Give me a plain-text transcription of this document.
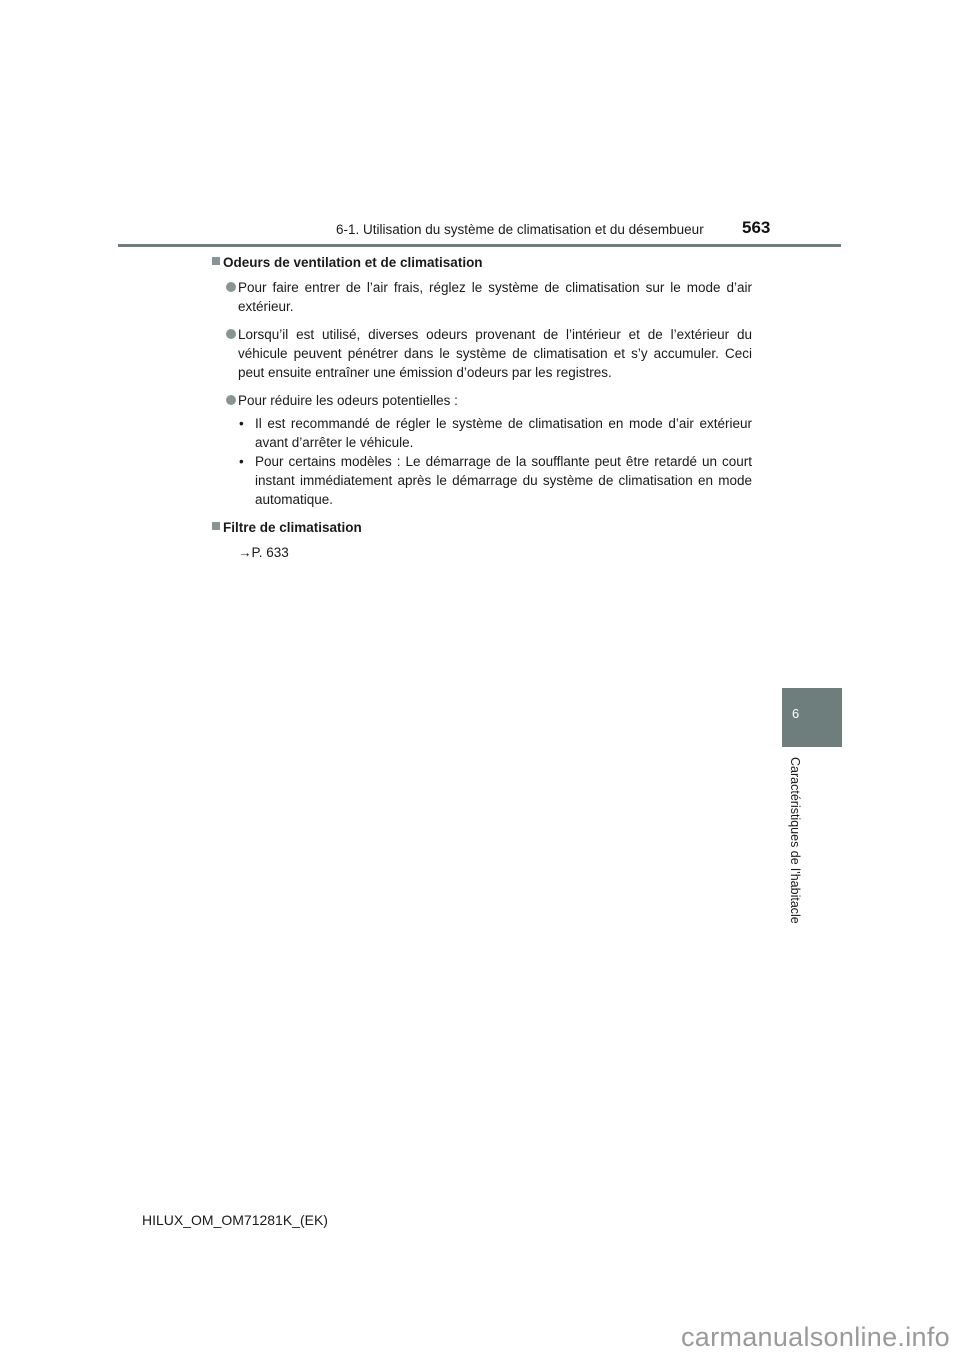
6-1. Utilisation du système de climatisation et du désembueur 563
Odeurs de ventilation et de climatisation
Pour faire entrer de l’air frais, réglez le système de climatisation sur le mode d’air extérieur.
Lorsqu’il est utilisé, diverses odeurs provenant de l’intérieur et de l’extérieur du véhicule peuvent pénétrer dans le système de climatisation et s’y accumuler. Ceci peut ensuite entraîner une émission d’odeurs par les registres.
Pour réduire les odeurs potentielles :
• Il est recommandé de régler le système de climatisation en mode d’air extérieur avant d’arrêter le véhicule.
• Pour certains modèles : Le démarrage de la soufflante peut être retardé un court instant immédiatement après le démarrage du système de climatisation en mode automatique.
Filtre de climatisation
→P. 633
6
Caractéristiques de l’habitacle
HILUX_OM_OM71281K_(EK)
carmanualsonline.info
